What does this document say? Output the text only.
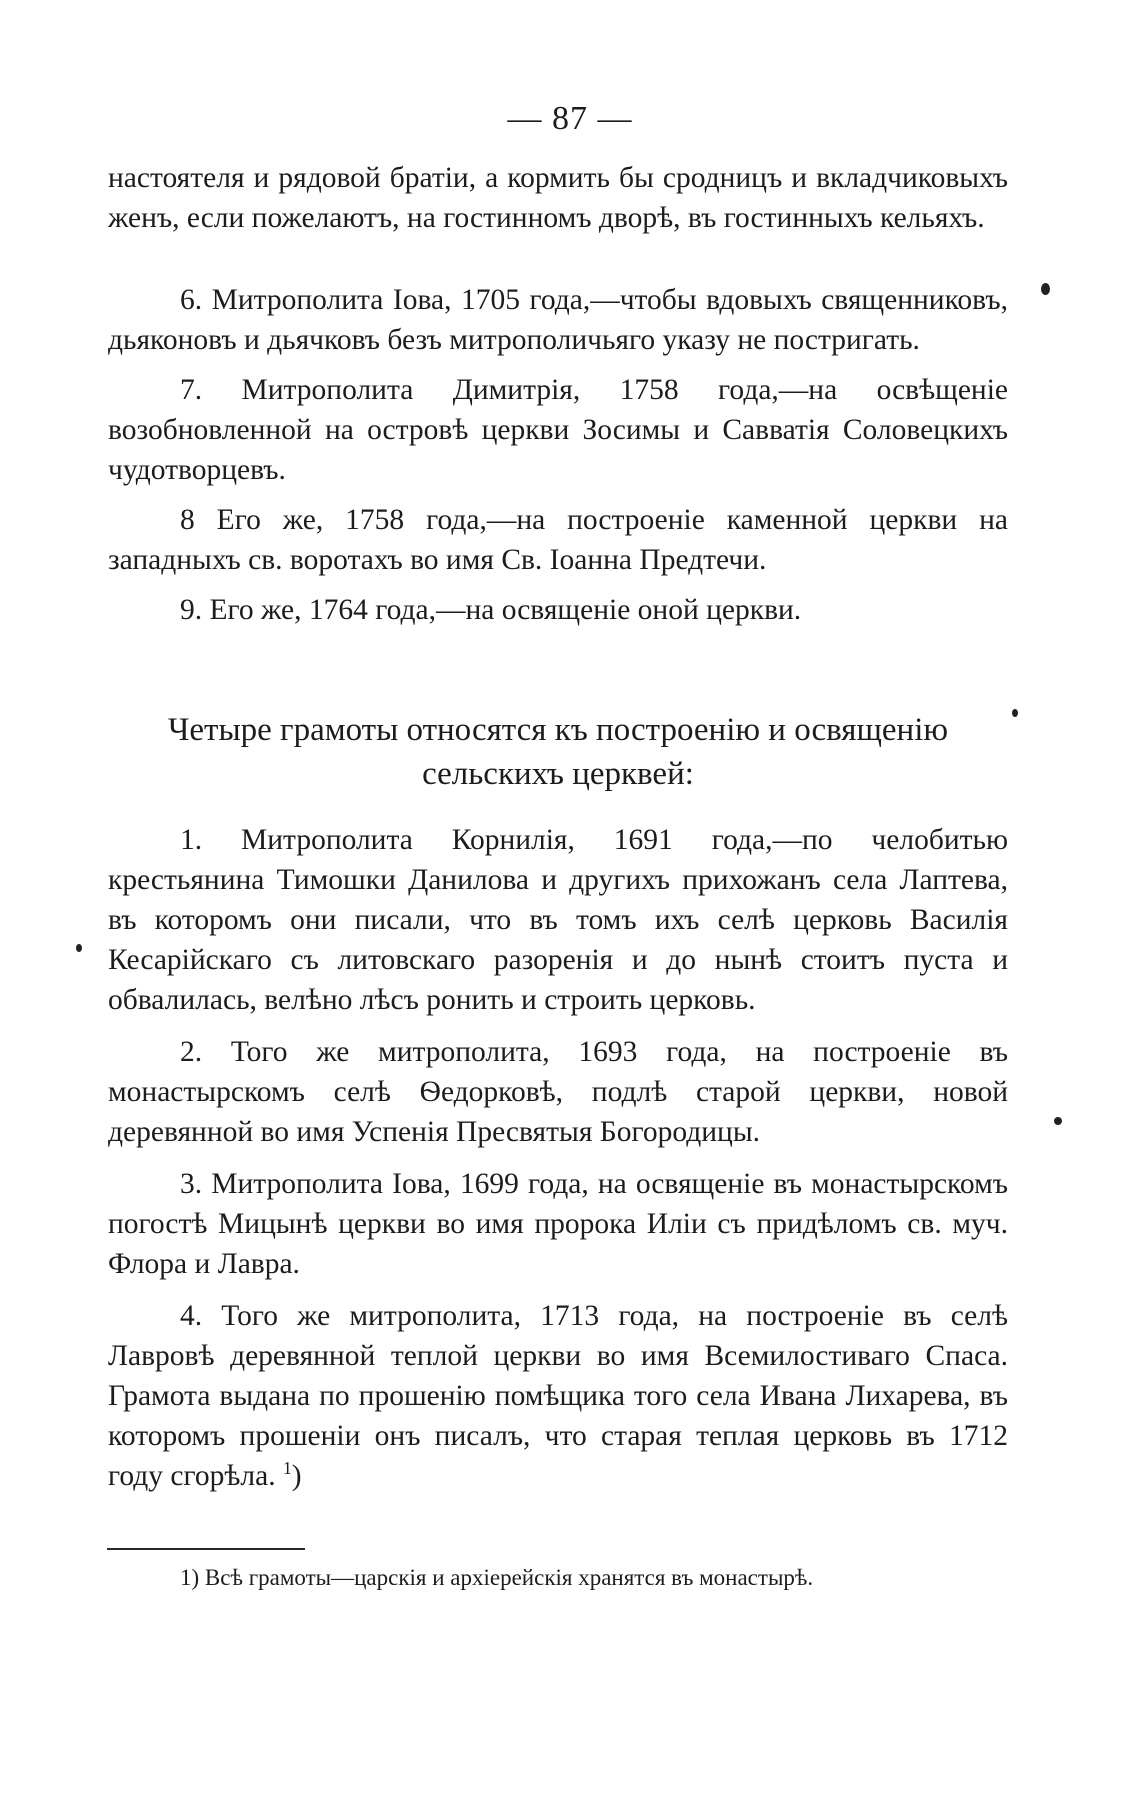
— 87 —

настоятеля и рядовой братіи, а кормить бы сродницъ и вкладчиковыхъ женъ, если пожелаютъ, на гостинномъ дворѣ, въ гостинныхъ кельяхъ.

6. Митрополита Іова, 1705 года,—чтобы вдовыхъ священниковъ, дьяконовъ и дьячковъ безъ митрополичьяго указу не постригать.

7. Митрополита Димитрія, 1758 года,—на освѣщеніе возобновленной на островѣ церкви Зосимы и Савватія Соловецкихъ чудотворцевъ.

8 Его же, 1758 года,—на построеніе каменной церкви на западныхъ св. воротахъ во имя Св. Іоанна Предтечи.

9. Его же, 1764 года,—на освященіе оной церкви.

Четыре грамоты относятся къ построенію и освященію
сельскихъ церквей:

1. Митрополита Корнилія, 1691 года,—по челобитью крестьянина Тимошки Данилова и другихъ прихожанъ села Лаптева, въ которомъ они писали, что въ томъ ихъ селѣ церковь Василія Кесарійскаго съ литовскаго разоренія и до нынѣ стоитъ пуста и обвалилась, велѣно лѣсъ ронить и строить церковь.

2. Того же митрополита, 1693 года, на построеніе въ монастырскомъ селѣ Ѳедорковѣ, подлѣ старой церкви, новой деревянной во имя Успенія Пресвятыя Богородицы.

3. Митрополита Іова, 1699 года, на освященіе въ монастырскомъ погостѣ Мицынѣ церкви во имя пророка Иліи съ придѣломъ св. муч. Флора и Лавра.

4. Того же митрополита, 1713 года, на построеніе въ селѣ Лавровѣ деревянной теплой церкви во имя Всемилостиваго Спаса. Грамота выдана по прошенію помѣщика того села Ивана Лихарева, въ которомъ прошеніи онъ писалъ, что старая теплая церковь въ 1712 году сгорѣла. $^1$)

1) Всѣ грамоты—царскія и архіерейскія хранятся въ монастырѣ.
